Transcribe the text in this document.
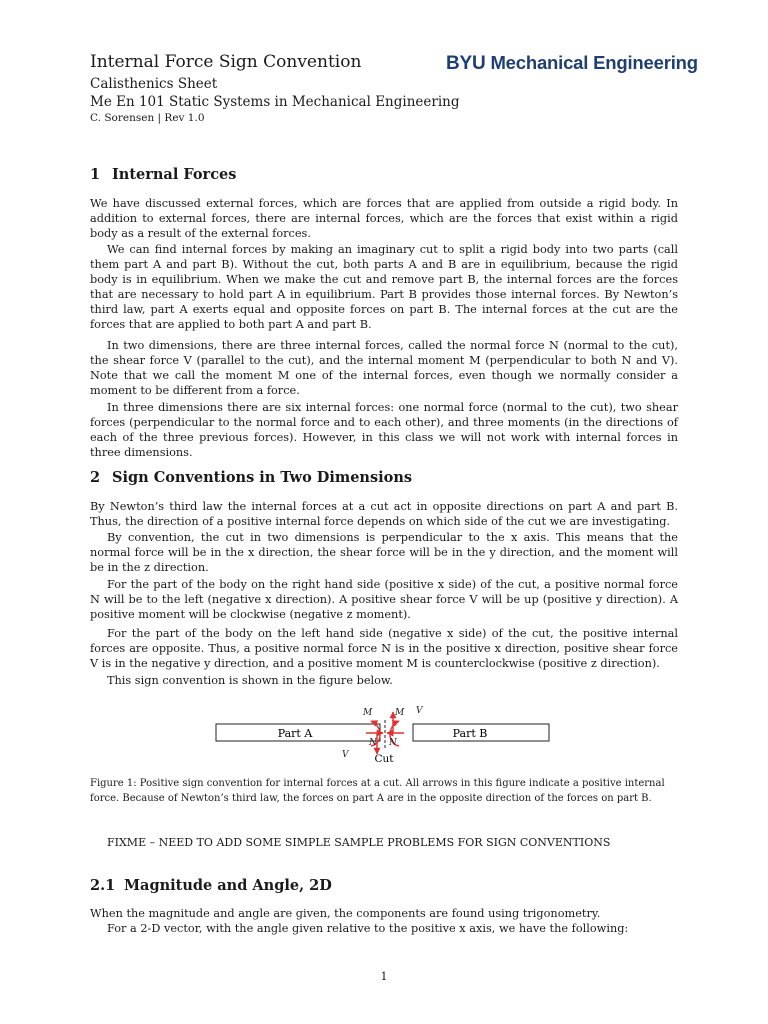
Internal Force Sign Convention	BYU Mechanical Engineering
Calisthenics Sheet
Me En 101 Static Systems in Mechanical Engineering
C. Sorensen | Rev 1.0
1 Internal Forces

We have discussed external forces, which are forces that are applied from outside a rigid body. In addition to external forces, there are internal forces, which are the forces that exist within a rigid body as a result of the external forces.

We can find internal forces by making an imaginary cut to split a rigid body into two parts (call them part A and part B). Without the cut, both parts A and B are in equilibrium, because the rigid body is in equilibrium. When we make the cut and remove part B, the internal forces are the forces that are necessary to hold part A in equilibrium. Part B provides those internal forces. By Newton’s third law, part A exerts equal and opposite forces on part B. The internal forces at the cut are the forces that are applied to both part A and part B.

In two dimensions, there are three internal forces, called the normal force N (normal to the cut), the shear force V (parallel to the cut), and the internal moment M (perpendicular to both N and V). Note that we call the moment M one of the internal forces, even though we normally consider a moment to be different from a force.

In three dimensions there are six internal forces: one normal force (normal to the cut), two shear forces (perpendicular to the normal force and to each other), and three moments (in the directions of each of the three previous forces). However, in this class we will not work with internal forces in three dimensions.

2 Sign Conventions in Two Dimensions

By Newton’s third law the internal forces at a cut act in opposite directions on part A and part B. Thus, the direction of a positive internal force depends on which side of the cut we are investigating.

By convention, the cut in two dimensions is perpendicular to the x axis. This means that the normal force will be in the x direction, the shear force will be in the y direction, and the moment will be in the z direction.

For the part of the body on the right hand side (positive x side) of the cut, a positive normal force N will be to the left (negative x direction). A positive shear force V will be up (positive y direction). A positive moment will be clockwise (negative z moment).

For the part of the body on the left hand side (negative x side) of the cut, the positive internal forces are opposite. Thus, a positive normal force N is in the positive x direction, positive shear force V is in the negative y direction, and a positive moment M is counterclockwise (positive z direction).

This sign convention is shown in the figure below.

Part A	Part B
Cut
M	M V
V
N N

Figure 1: Positive sign convention for internal forces at a cut. All arrows in this figure indicate a positive internal force. Because of Newton’s third law, the forces on part A are in the opposite direction of the forces on part B.

FIXME – NEED TO ADD SOME SIMPLE SAMPLE PROBLEMS FOR SIGN CONVENTIONS
2.1 Magnitude and Angle, 2D

When the magnitude and angle are given, the components are found using trigonometry.

For a 2-D vector, with the angle given relative to the positive x axis, we have the following:

1
